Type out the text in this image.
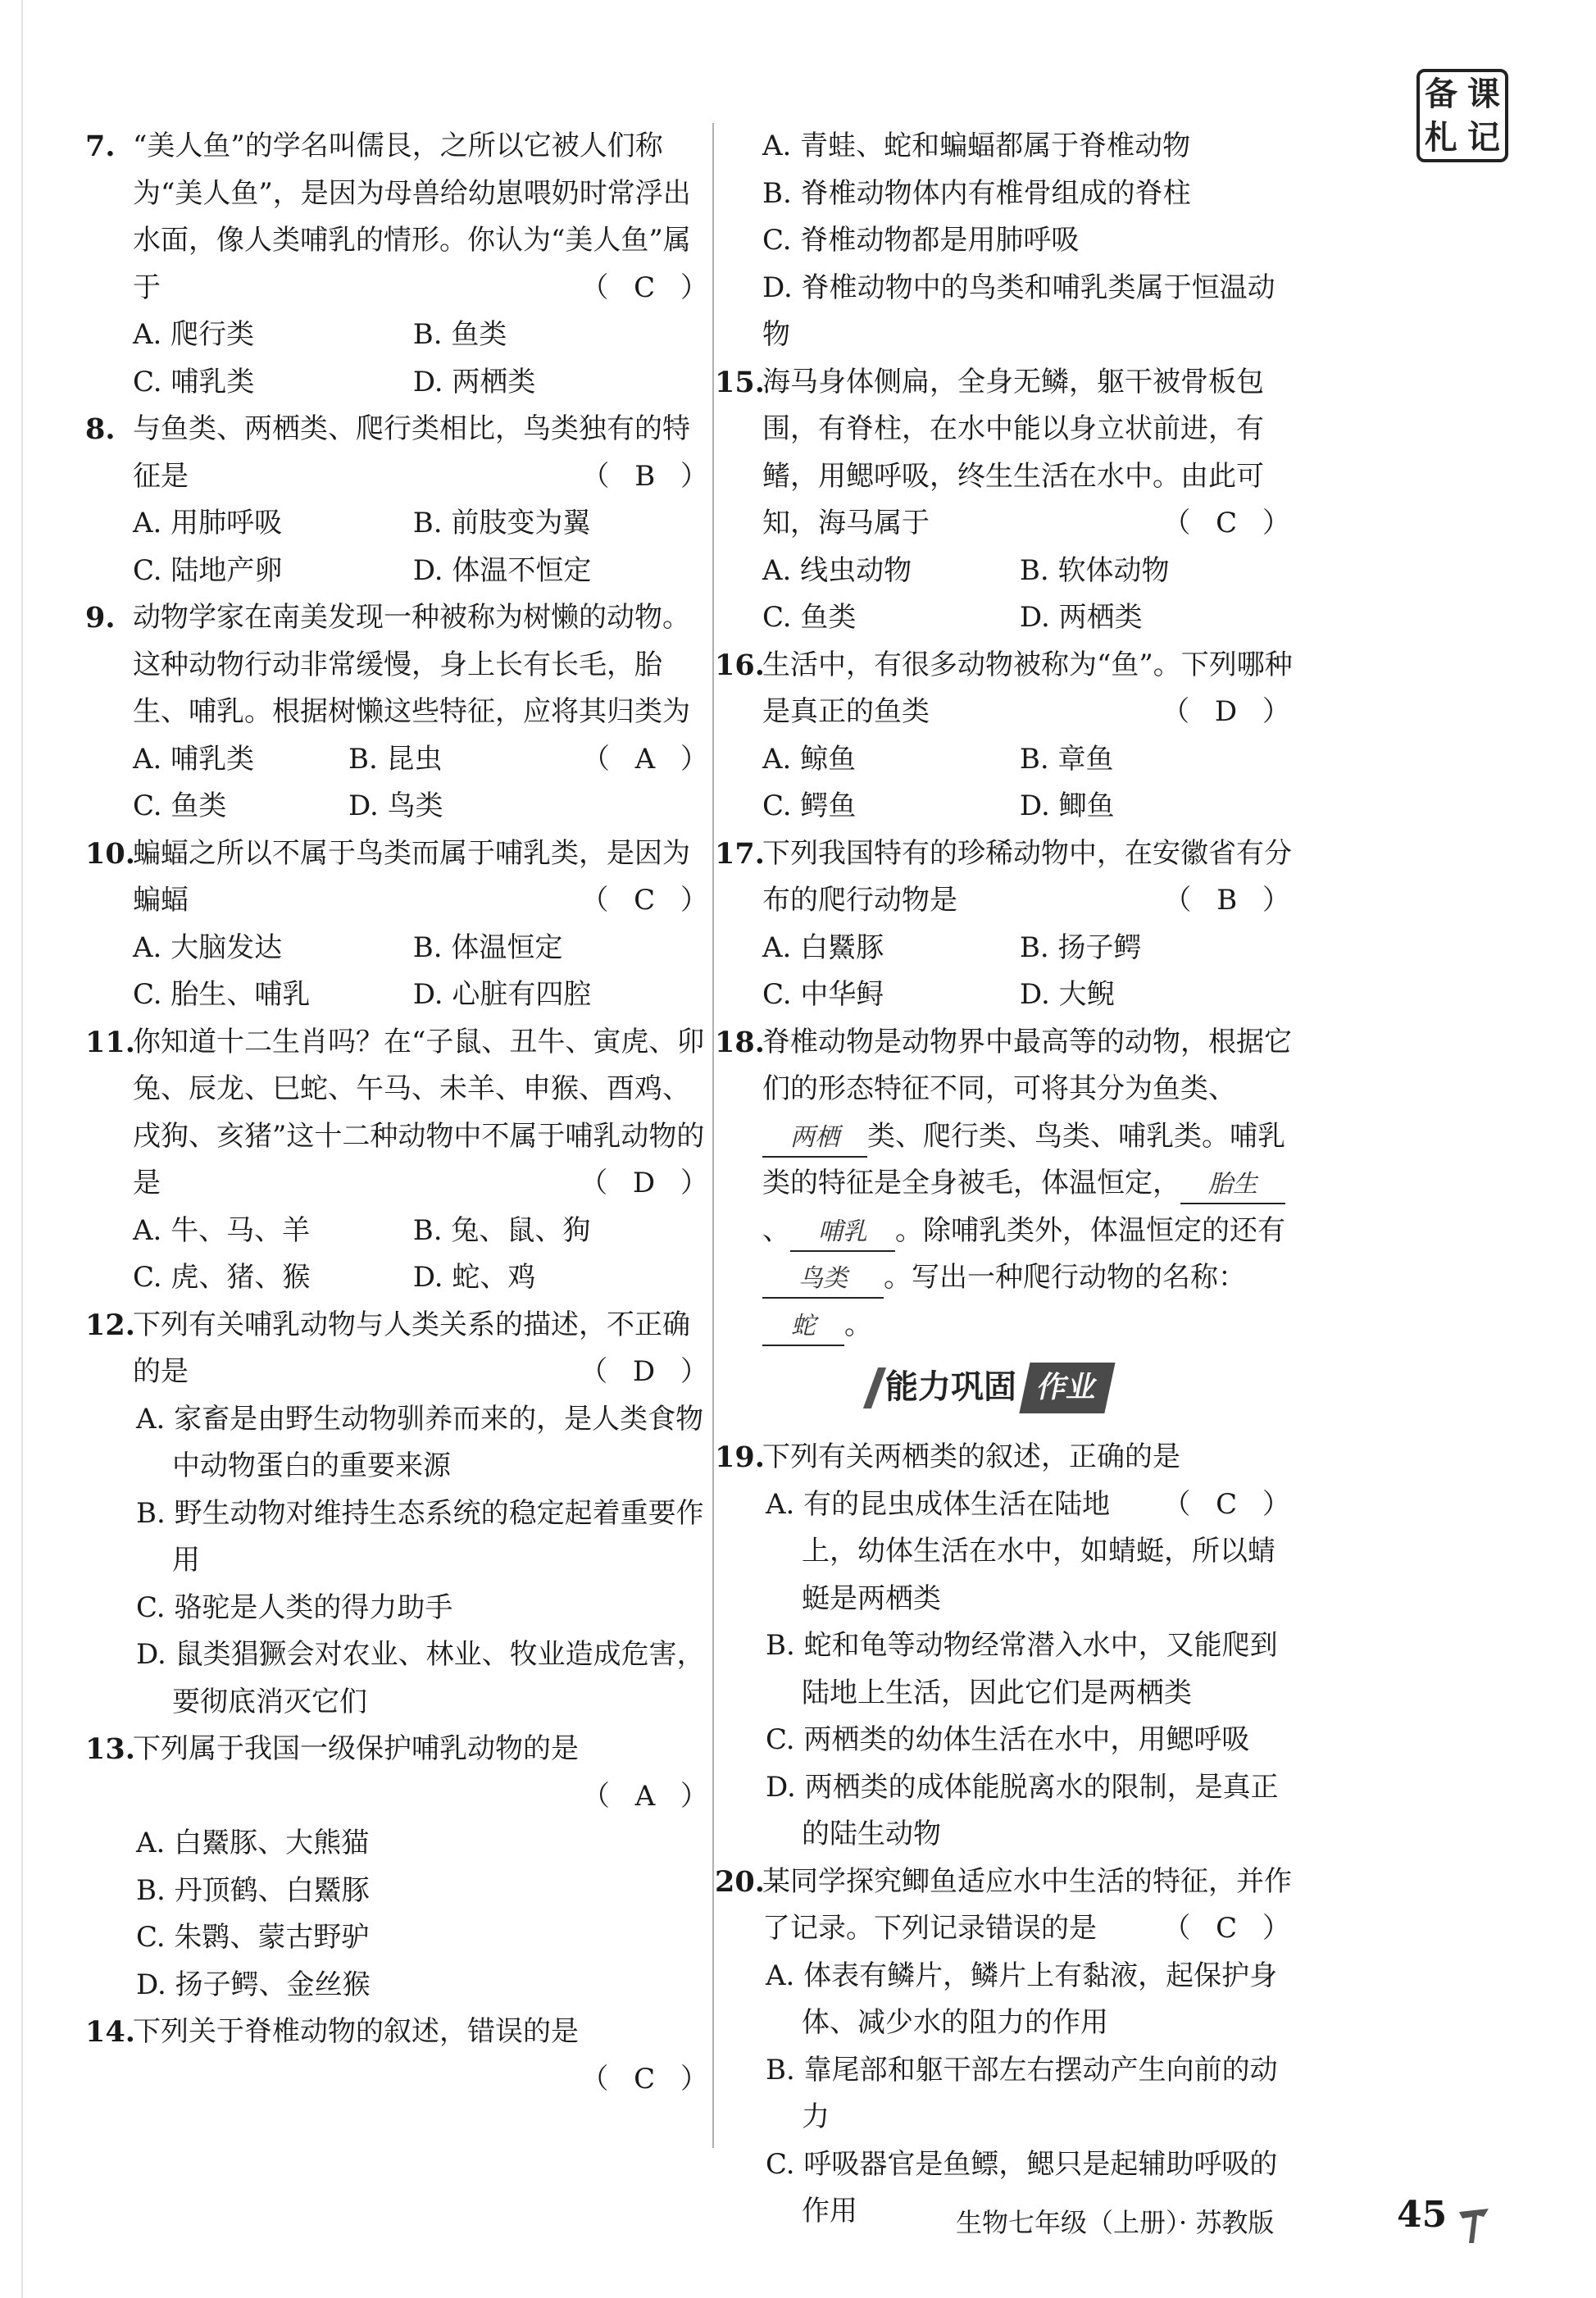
备 课
札 记
7. “美人鱼”的学名叫儒艮，之所以它被人们称为“美人鱼”，是因为母兽给幼崽喂奶时常浮出水面，像人类哺乳的情形。你认为“美人鱼”属于	（ C ）
A. 爬行类	B. 鱼类
C. 哺乳类	D. 两栖类
8. 与鱼类、两栖类、爬行类相比，鸟类独有的特征是	（ B ）
A. 用肺呼吸	B. 前肢变为翼
C. 陆地产卵	D. 体温不恒定
9. 动物学家在南美发现一种被称为树懒的动物。这种动物行动非常缓慢，身上长有长毛，胎生、哺乳。根据树懒这些特征，应将其归类为
（ A ）
A. 哺乳类	B. 昆虫
C. 鱼类	D. 鸟类
10.
蝙蝠之所以不属于鸟类而属于哺乳类，是因为蝙蝠	（ C ）
A. 大脑发达	B. 体温恒定
C. 胎生、哺乳	D. 心脏有四腔
11.
你知道十二生肖吗？在“子鼠、丑牛、寅虎、卯兔、辰龙、巳蛇、午马、未羊、申猴、酉鸡、戌狗、亥猪”这十二种动物中不属于哺乳动物的是	（ D ）
A. 牛、马、羊	B. 兔、鼠、狗
C. 虎、猪、猴	D. 蛇、鸡
12.
下列有关哺乳动物与人类关系的描述，不正确的是	（ D ）
A. 家畜是由野生动物驯养而来的，是人类食物中动物蛋白的重要来源
B. 野生动物对维持生态系统的稳定起着重要作用
C. 骆驼是人类的得力助手
D. 鼠类猖獗会对农业、林业、牧业造成危害，要彻底消灭它们
13.
下列属于我国一级保护哺乳动物的是

（ A ）
A. 白鱀豚、大熊猫
B. 丹顶鹤、白鱀豚
C. 朱鹮、蒙古野驴
D. 扬子鳄、金丝猴
14.
下列关于脊椎动物的叙述，错误的是

（ C ）
A. 青蛙、蛇和蝙蝠都属于脊椎动物
B. 脊椎动物体内有椎骨组成的脊柱
C. 脊椎动物都是用肺呼吸
D. 脊椎动物中的鸟类和哺乳类属于恒温动物
15.
海马身体侧扁，全身无鳞，躯干被骨板包围，有脊柱，在水中能以身立状前进，有鳍，用鳃呼吸，终生生活在水中。由此可知，海马属于	（ C ）
A. 线虫动物	B. 软体动物
C. 鱼类	D. 两栖类
16.
生活中，有很多动物被称为“鱼”。下列哪种是真正的鱼类	（ D ）
A. 鲸鱼	B. 章鱼
C. 鳄鱼	D. 鲫鱼
17.
下列我国特有的珍稀动物中，在安徽省有分布的爬行动物是	（ B ）
A. 白鱀豚	B. 扬子鳄
C. 中华鲟	D. 大鲵
18.
脊椎动物是动物界中最高等的动物，根据它们的形态特征不同，可将其分为鱼类、两栖 类、爬行类、鸟类、哺乳类。哺乳类的特征是全身被毛，体温恒定， 胎生、 哺乳 。除哺乳类外，体温恒定的还有鸟类 。写出一种爬行动物的名称：蛇 。
能力巩固 作业
19.
下列有关两栖类的叙述，正确的是
（ C ）
A. 有的昆虫成体生活在陆地上，幼体生活在水中，如蜻蜓，所以蜻蜓是两栖类
B. 蛇和龟等动物经常潜入水中，又能爬到陆地上生活，因此它们是两栖类
C. 两栖类的幼体生活在水中，用鳃呼吸
D. 两栖类的成体能脱离水的限制，是真正的陆生动物
20.
某同学探究鲫鱼适应水中生活的特征，并作了记录。下列记录错误的是 （ C ）
A. 体表有鳞片，鳞片上有黏液，起保护身体、减少水的阻力的作用
B. 靠尾部和躯干部左右摆动产生向前的动力
C. 呼吸器官是鱼鳔，鳃只是起辅助呼吸的作用	生物七年级（上册）· 苏教版	45
